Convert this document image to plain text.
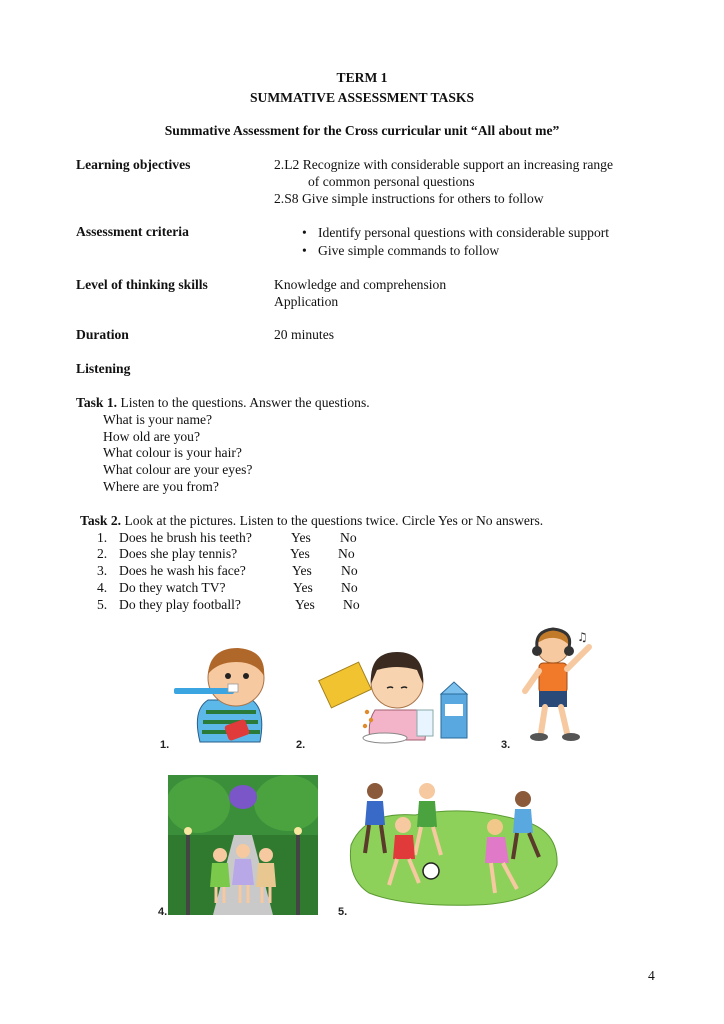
TERM 1
SUMMATIVE ASSESSMENT TASKS
Summative Assessment for the Cross curricular unit “All about me”
Learning objectives	2.L2 Recognize with considerable support an increasing range
of common personal questions
2.S8 Give simple instructions for others to follow
Assessment criteria
•	Identify personal questions with considerable support
• Give simple commands to follow
Level of thinking skills	Knowledge and comprehension
Application
Duration	20 minutes
Listening
Task 1. Listen to the questions. Answer the questions.
What is your name?
How old are you?
What colour is your hair?
What colour are your eyes?
Where are you from?
Task 2. Look at the pictures. Listen to the questions twice. Circle Yes or No answers.
1. Does he brush his teeth?	Yes No
2. Does she play tennis?	Yes No
3. Does he wash his face?	Yes No
4. Do they watch TV?	Yes No
5. Do they play football?	Yes No
1.	2.
♫
3.
4.	5.
4
